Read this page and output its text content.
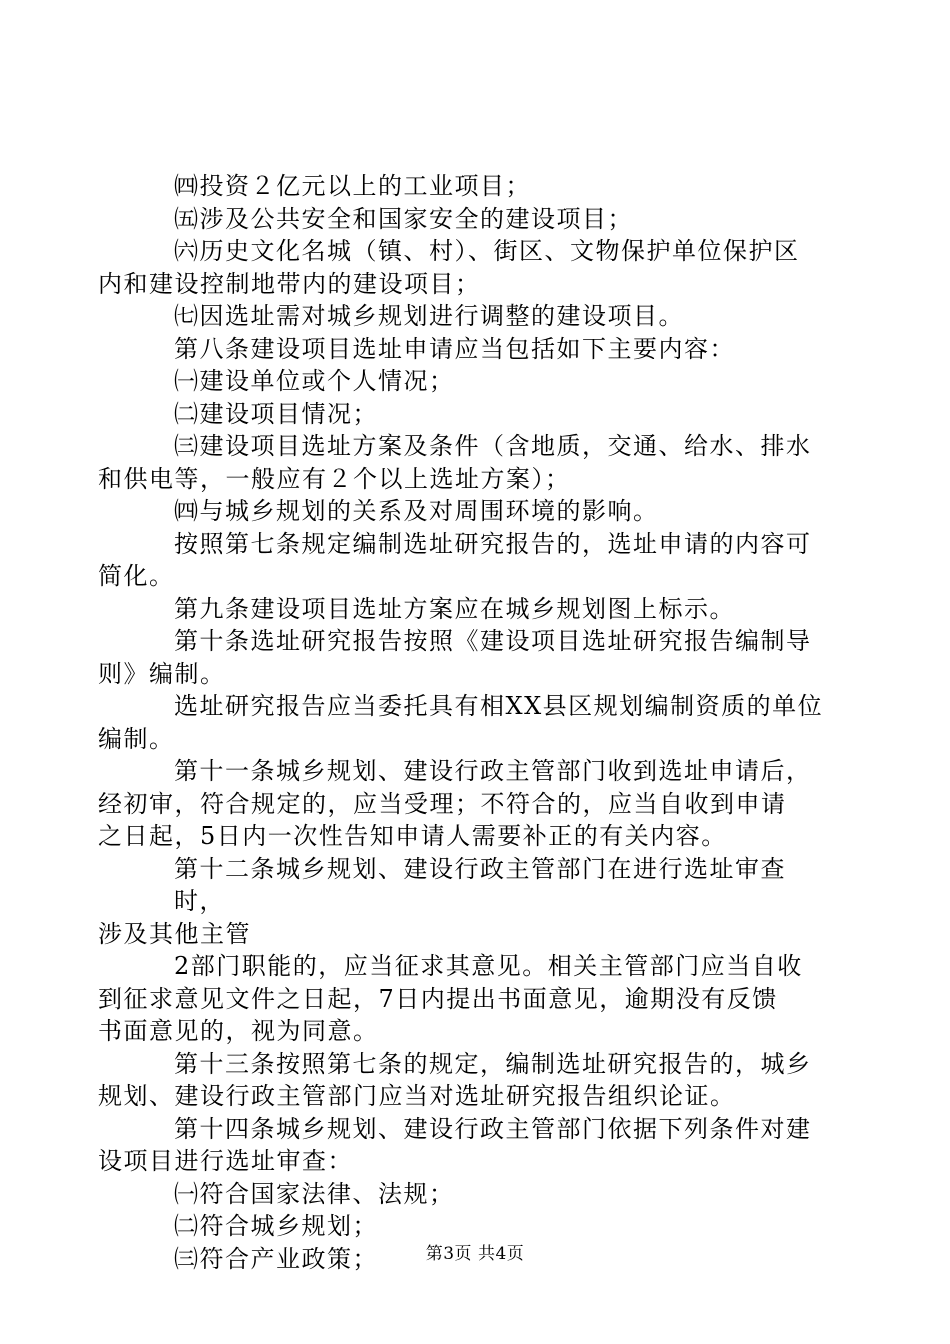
㈣投资２亿元以上的工业项目；
㈤涉及公共安全和国家安全的建设项目；
㈥历史文化名城（镇、村）、街区、文物保护单位保护区
内和建设控制地带内的建设项目；
㈦因选址需对城乡规划进行调整的建设项目。
第八条建设项目选址申请应当包括如下主要内容：
㈠建设单位或个人情况；
㈡建设项目情况；
㈢建设项目选址方案及条件（含地质，交通、给水、排水
和供电等，一般应有２个以上选址方案）；
㈣与城乡规划的关系及对周围环境的影响。
按照第七条规定编制选址研究报告的，选址申请的内容可
简化。
第九条建设项目选址方案应在城乡规划图上标示。
第十条选址研究报告按照《建设项目选址研究报告编制导
则》编制。
选址研究报告应当委托具有相XX县区规划编制资质的单位
编制。
第十一条城乡规划、建设行政主管部门收到选址申请后，
经初审，符合规定的，应当受理；不符合的，应当自收到申请
之日起，5日内一次性告知申请人需要补正的有关内容。
第十二条城乡规划、建设行政主管部门在进行选址审查时，
涉及其他主管
2部门职能的，应当征求其意见。相关主管部门应当自收
到征求意见文件之日起，7日内提出书面意见，逾期没有反馈
书面意见的，视为同意。
第十三条按照第七条的规定，编制选址研究报告的，城乡
规划、建设行政主管部门应当对选址研究报告组织论证。
第十四条城乡规划、建设行政主管部门依据下列条件对建
设项目进行选址审查：
㈠符合国家法律、法规；
㈡符合城乡规划；
㈢符合产业政策；	第3页 共4页
